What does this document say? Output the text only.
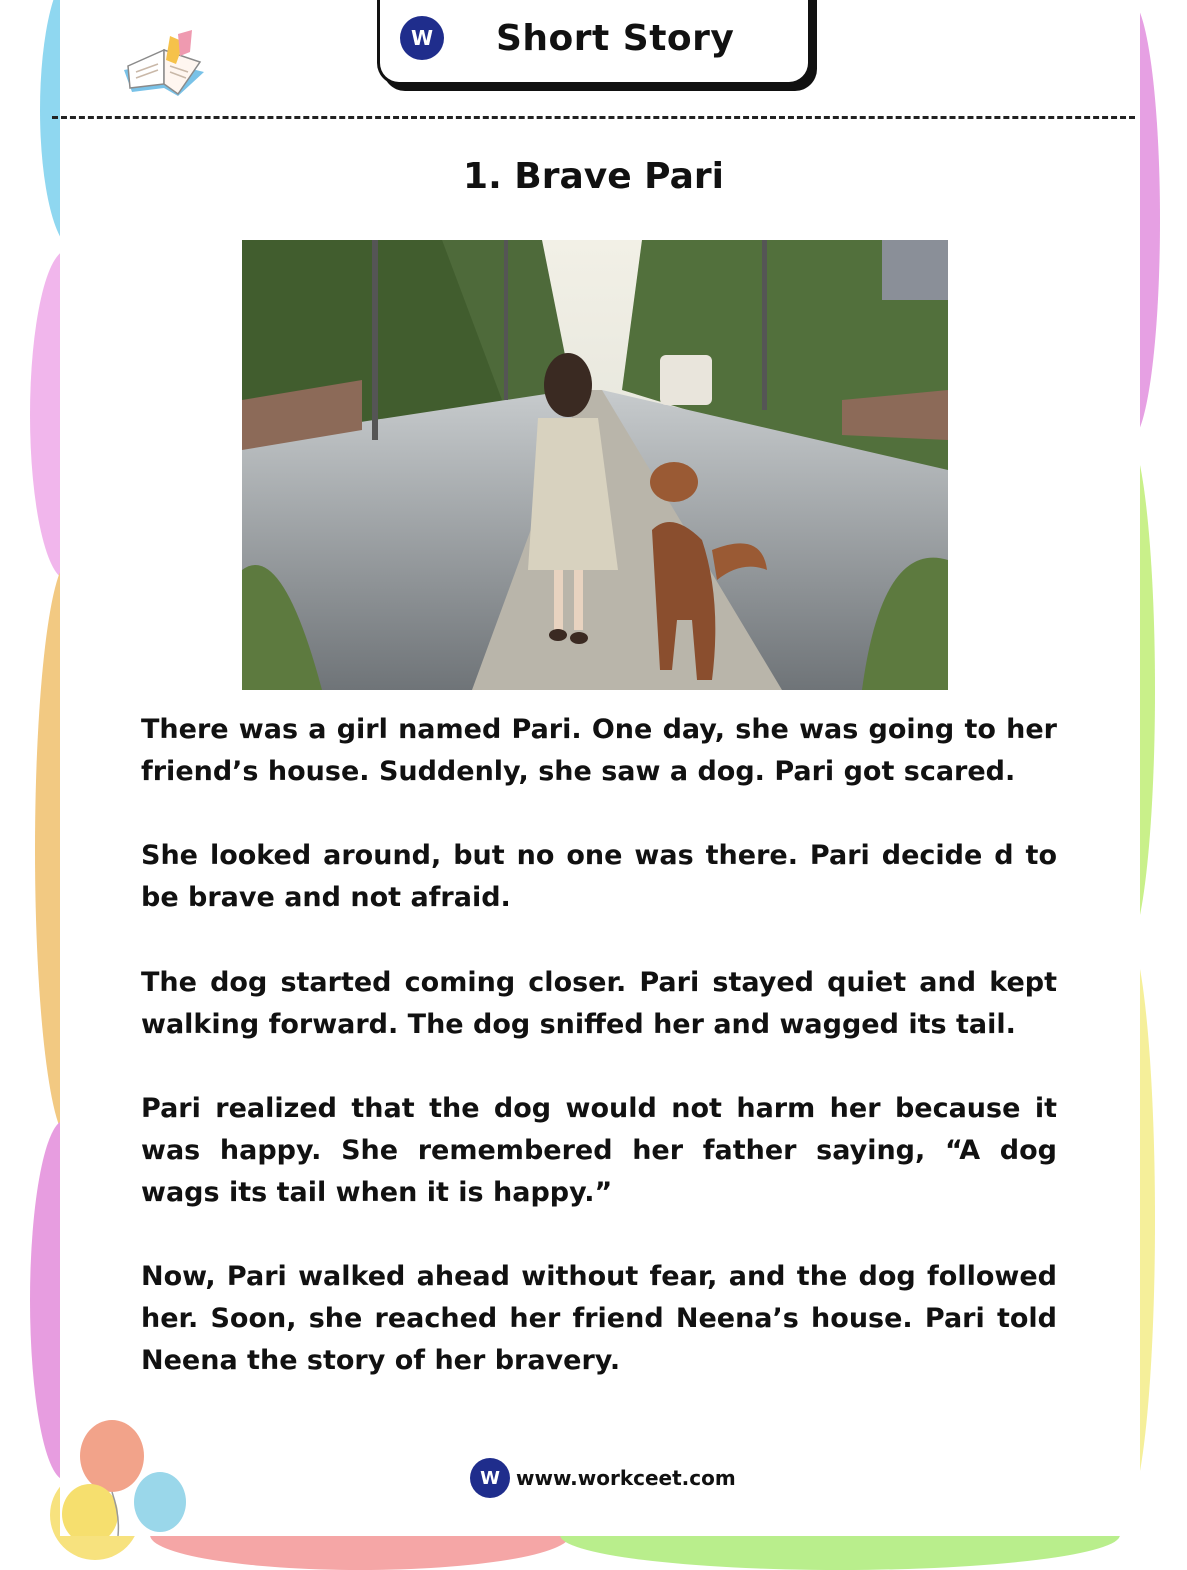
W Short Story
1. Brave Pari

There was a girl named Pari. One day, she was going to her friend’s house. Suddenly, she saw a dog. Pari got scared.

She looked around, but no one was there. Pari decide d to be brave and not afraid.

The dog started coming closer. Pari stayed quiet and kept walking forward. The dog sniffed her and wagged its tail.

Pari realized that the dog would not harm her because it was happy. She remembered her father saying, “A dog wags its tail when it is happy.”

Now, Pari walked ahead without fear, and the dog followed her. Soon, she reached her friend Neena’s house. Pari told Neena the story of her bravery.

W www.workceet.com
